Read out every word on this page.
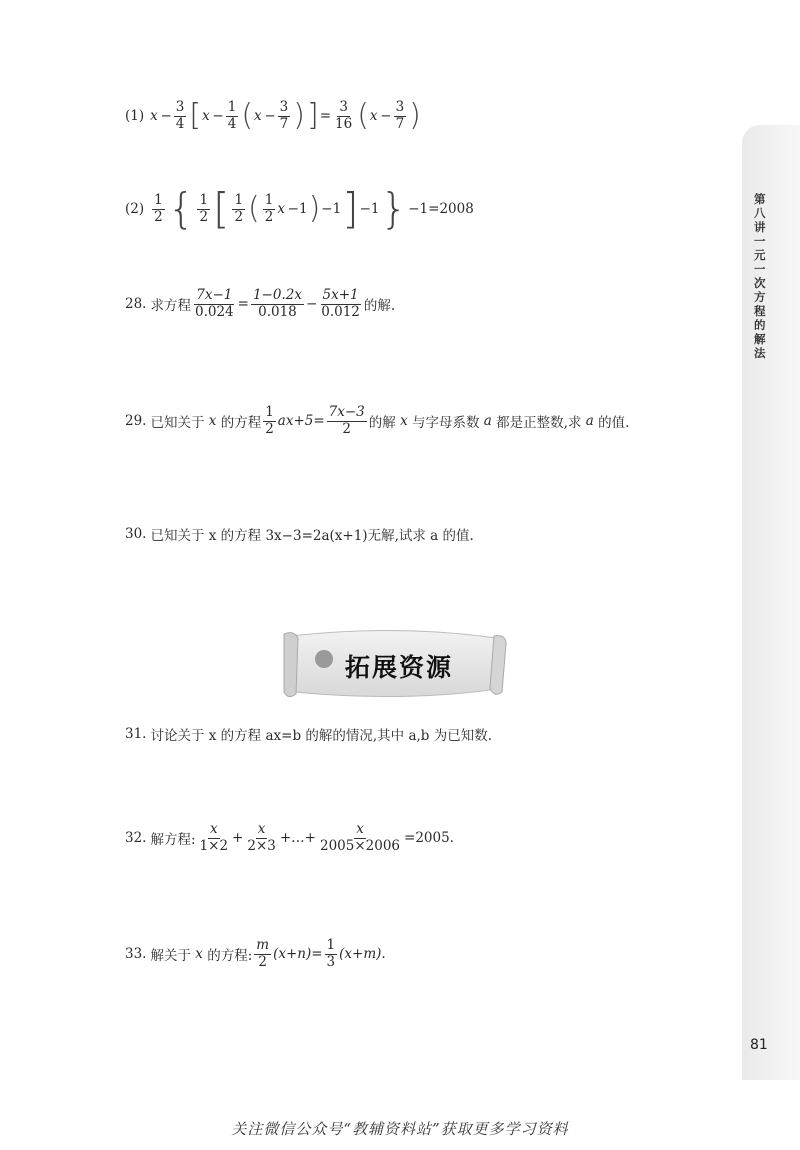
第八讲 一元一次方程的解法
81
(1) $x - \frac{3}{4}$ [ $x - \frac{1}{4}$ ( $x - \frac{3}{7}$ ) ] = $\frac{3}{16}$ ( $x - \frac{3}{7}$ )
$(2) \frac{1}{2}$ { $\frac{1}{2}$ [ $\frac{1}{2}$ ( $\frac{1}{2}$ x  −1 ) −1 ] −1 } −1= 2008
28. 求方程 $\frac{7x-1}{0.024} = \frac{1-0.2x}{0.018} - \frac{5x+1}{0.012}$ 的解.
29. 已知关于
x
的方程 $\frac{1}{2} ax+5= \frac{7x-3}{2}$ 的解
x
与字母系数
a
都是正整数,求
a
的值.
30. 已知关于 x 的方程 3x−3=2a(x+1)无解,试求 a 的值.
拓展资源
31. 讨论关于 x 的方程 ax=b 的解的情况,其中 a,b 为已知数.
32. 解方程: $\frac{x}{1\times 2} + \frac{x}{2\times 3}$ +…+ $\frac{x}{2005\times 2006} =2005$.
33. 解关于
x
的方程: $\frac{m}{2} (x+n)= \frac{1}{3} (x+m)$.
关注微信公众号“教辅资料站”获取更多学习资料
